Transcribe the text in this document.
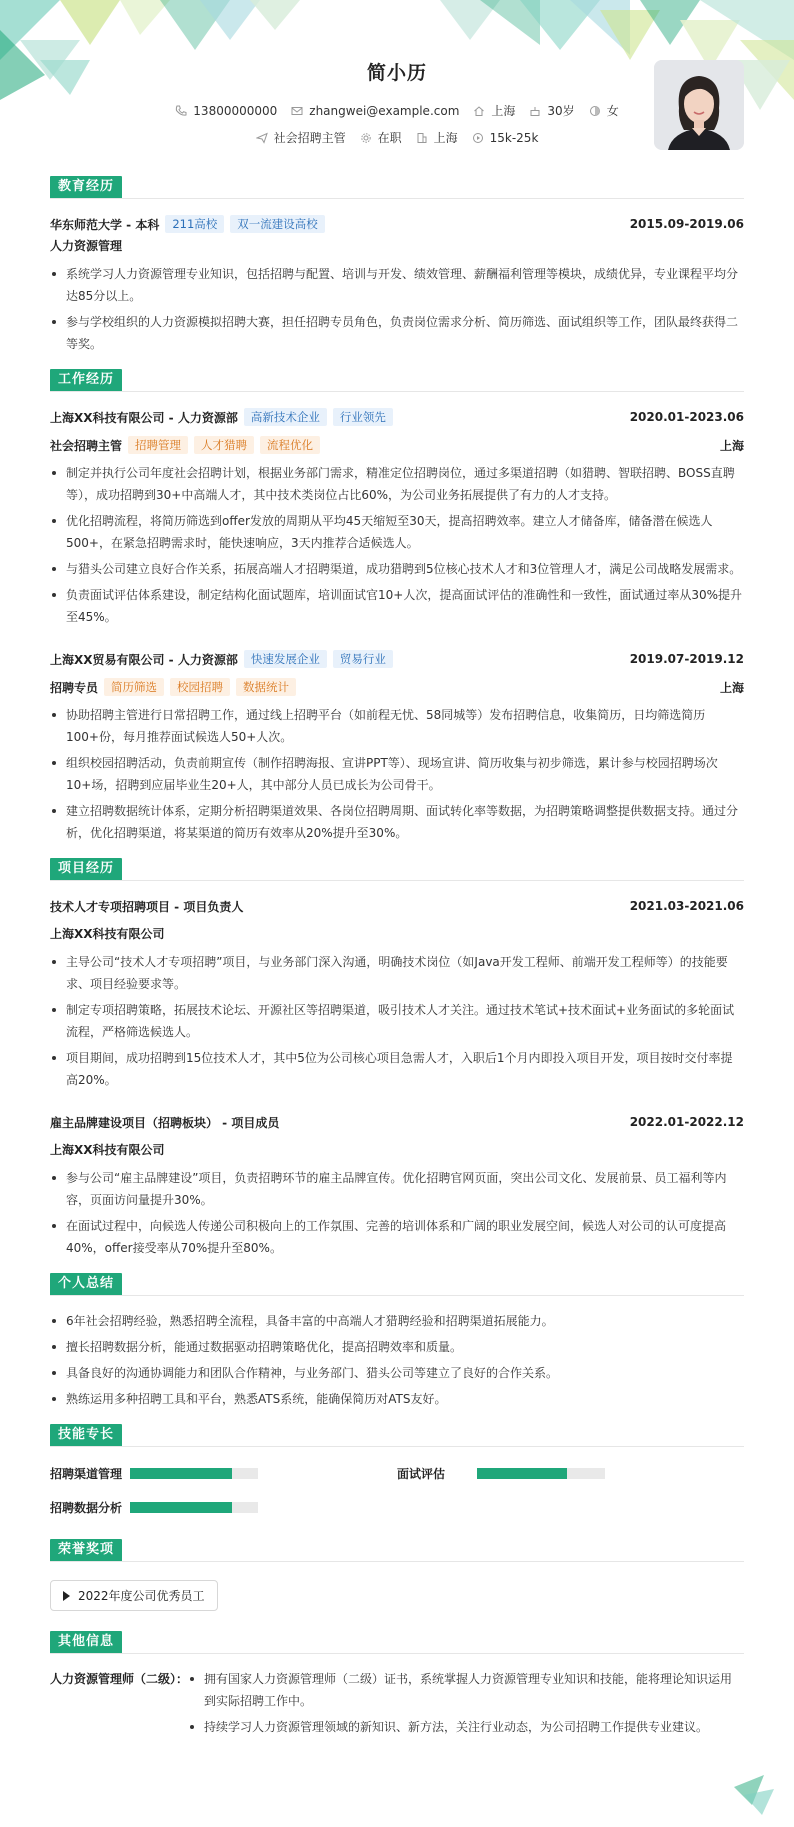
简小历
13800000000	zhangwei@example.com	上海	30岁	女
社会招聘主管	在职	上海	15k-25k
教育经历
华东师范大学 - 本科	211高校	双一流建设高校	2015.09-2019.06
人力资源管理
系统学习人力资源管理专业知识，包括招聘与配置、培训与开发、绩效管理、薪酬福利管理等模块，成绩优异，专业课程平均分达85分以上。
参与学校组织的人力资源模拟招聘大赛，担任招聘专员角色，负责岗位需求分析、简历筛选、面试组织等工作，团队最终获得二等奖。
工作经历
上海XX科技有限公司 - 人力资源部	高新技术企业	行业领先	2020.01-2023.06
社会招聘主管	招聘管理	人才猎聘	流程优化	上海
制定并执行公司年度社会招聘计划，根据业务部门需求，精准定位招聘岗位，通过多渠道招聘（如猎聘、智联招聘、BOSS直聘等），成功招聘到30+中高端人才，其中技术类岗位占比60%，为公司业务拓展提供了有力的人才支持。
优化招聘流程，将简历筛选到offer发放的周期从平均45天缩短至30天，提高招聘效率。建立人才储备库，储备潜在候选人500+，在紧急招聘需求时，能快速响应，3天内推荐合适候选人。
与猎头公司建立良好合作关系，拓展高端人才招聘渠道，成功猎聘到5位核心技术人才和3位管理人才，满足公司战略发展需求。
负责面试评估体系建设，制定结构化面试题库，培训面试官10+人次，提高面试评估的准确性和一致性，面试通过率从30%提升至45%。
上海XX贸易有限公司 - 人力资源部	快速发展企业	贸易行业	2019.07-2019.12
招聘专员	简历筛选	校园招聘	数据统计	上海
协助招聘主管进行日常招聘工作，通过线上招聘平台（如前程无忧、58同城等）发布招聘信息，收集简历，日均筛选简历100+份，每月推荐面试候选人50+人次。
组织校园招聘活动，负责前期宣传（制作招聘海报、宣讲PPT等）、现场宣讲、简历收集与初步筛选，累计参与校园招聘场次10+场，招聘到应届毕业生20+人，其中部分人员已成长为公司骨干。
建立招聘数据统计体系，定期分析招聘渠道效果、各岗位招聘周期、面试转化率等数据，为招聘策略调整提供数据支持。通过分析，优化招聘渠道，将某渠道的简历有效率从20%提升至30%。
项目经历
技术人才专项招聘项目 - 项目负责人	2021.03-2021.06
上海XX科技有限公司
主导公司“技术人才专项招聘”项目，与业务部门深入沟通，明确技术岗位（如Java开发工程师、前端开发工程师等）的技能要求、项目经验要求等。
制定专项招聘策略，拓展技术论坛、开源社区等招聘渠道，吸引技术人才关注。通过技术笔试+技术面试+业务面试的多轮面试流程，严格筛选候选人。
项目期间，成功招聘到15位技术人才，其中5位为公司核心项目急需人才，入职后1个月内即投入项目开发，项目按时交付率提高20%。
雇主品牌建设项目（招聘板块） - 项目成员	2022.01-2022.12
上海XX科技有限公司
参与公司“雇主品牌建设”项目，负责招聘环节的雇主品牌宣传。优化招聘官网页面，突出公司文化、发展前景、员工福利等内容，页面访问量提升30%。
在面试过程中，向候选人传递公司积极向上的工作氛围、完善的培训体系和广阔的职业发展空间，候选人对公司的认可度提高40%，offer接受率从70%提升至80%。
个人总结
6年社会招聘经验，熟悉招聘全流程，具备丰富的中高端人才猎聘经验和招聘渠道拓展能力。
擅长招聘数据分析，能通过数据驱动招聘策略优化，提高招聘效率和质量。
具备良好的沟通协调能力和团队合作精神，与业务部门、猎头公司等建立了良好的合作关系。
熟练运用多种招聘工具和平台，熟悉ATS系统，能确保简历对ATS友好。
技能专长
招聘渠道管理	面试评估
招聘数据分析
荣誉奖项
2022年度公司优秀员工
其他信息
人力资源管理师（二级）：	拥有国家人力资源管理师（二级）证书，系统掌握人力资源管理专业知识和技能，能将理论知识运用到实际招聘工作中。
持续学习人力资源管理领域的新知识、新方法，关注行业动态，为公司招聘工作提供专业建议。
